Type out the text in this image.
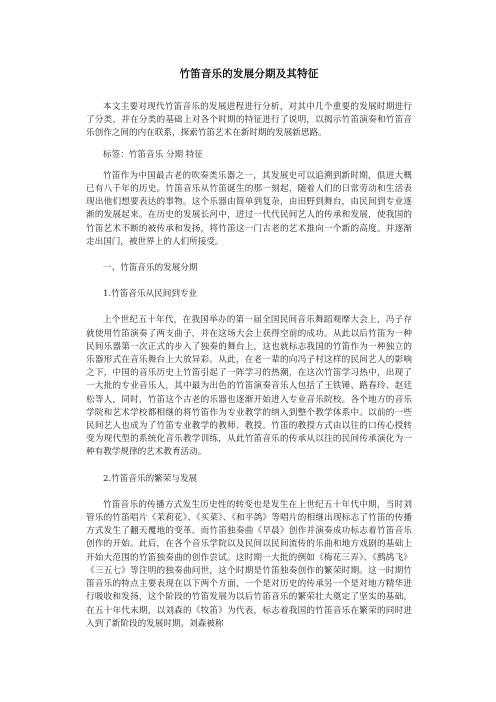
竹笛音乐的发展分期及其特征

本文主要对现代竹笛音乐的发展进程进行分析，对其中几个重要的发展时期进行了分类，并在分类的基础上对各个时期的特征进行了说明，以揭示竹笛演奏和竹笛音乐创作之间的内在联系，探索竹笛艺术在新时期的发展新思路。

标签：竹笛音乐 分期 特征

竹笛作为中国最古老的吹奏类乐器之一，其发展史可以追溯到新时期，俱进大概已有八千年的历史。竹笛音乐从竹笛诞生的那一刻起，随着人们的日常劳动和生活表现出他们想要表达的事物。这个乐器由简单到复杂，由田野到舞台，由民间到专业逐渐的发展起来。在历史的发展长河中，进过一代代民间艺人的传承和发展，使我国的竹笛艺术不断的被传承和发扬，将竹笛这一门古老的艺术推向一个新的高度。并逐渐走出国门，被世界上的人们所接受。

一、竹笛音乐的发展分期

1.竹笛音乐从民间到专业

上个世纪五十年代，在我国举办的第一届全国民间音乐舞蹈观摩大会上，冯子存就使用竹笛演奏了两支曲子，并在这场大会上获得空前的成功。从此以后竹笛为一种民间乐器第一次正式的步入了独奏的舞台上，这也就标志我国的竹笛作为一种独立的乐器形式在音乐舞台上大放异彩。从此，在老一辈的向冯子村这样的民间艺人的影响之下，中国的音乐历史上竹笛引起了一阵学习的热潮，在这次竹笛学习热中，出现了一大批的专业音乐人，其中最为出色的竹笛演奏音乐人包括了王铁锤、路春玲、赵廷松等人，同时，竹笛这个古老的乐器也逐渐开始进入专业音乐院校。各个地方的音乐学院和艺术学校都相继的将竹笛作为专业教学的纳入到整个教学体系中。以前的一些民间艺人也成为了竹笛专业教学的教师、教授。竹笛的教授方式由以往的口传心授转变为现代型的系统化音乐教学训练，从此竹笛音乐的传承从以往的民间传承演化为一种有教学规律的艺术教育活动。

2.竹笛音乐的繁荣与发展

竹笛音乐的传播方式发生历史性的转变也是发生在上世纪五十年代中期，当时刘管乐的竹笛唱片《茉莉花》、《买菜》、《和平鸽》等唱片的相继出现标志了竹笛的传播方式发生了翻天覆地的变革。而竹笛独奏曲《早晨》创作并演奏成功标志着竹笛音乐创作的开始。此后，在各个音乐学院以及民间以民间流传的乐曲和地方戏剧的基础上开始大范围的竹笛独奏曲的创作尝试。这时期一大批的例如《梅花三弄》、《鹧鸪飞》《三五七》等注明的独奏曲问世，这个时期是竹笛独奏创作的繁荣时期。这一时期竹笛音乐的特点主要表现在以下两个方面，一个是对历史的传承另一个是对地方精华进行吸收和发扬，这个阶段的竹笛发展为以后竹笛音乐的繁荣壮大奠定了坚实的基础。在五十年代末期，以刘森的《牧笛》为代表，标志着我国的竹笛音乐在繁荣的同时进入到了新阶段的发展时期。刘森被称
